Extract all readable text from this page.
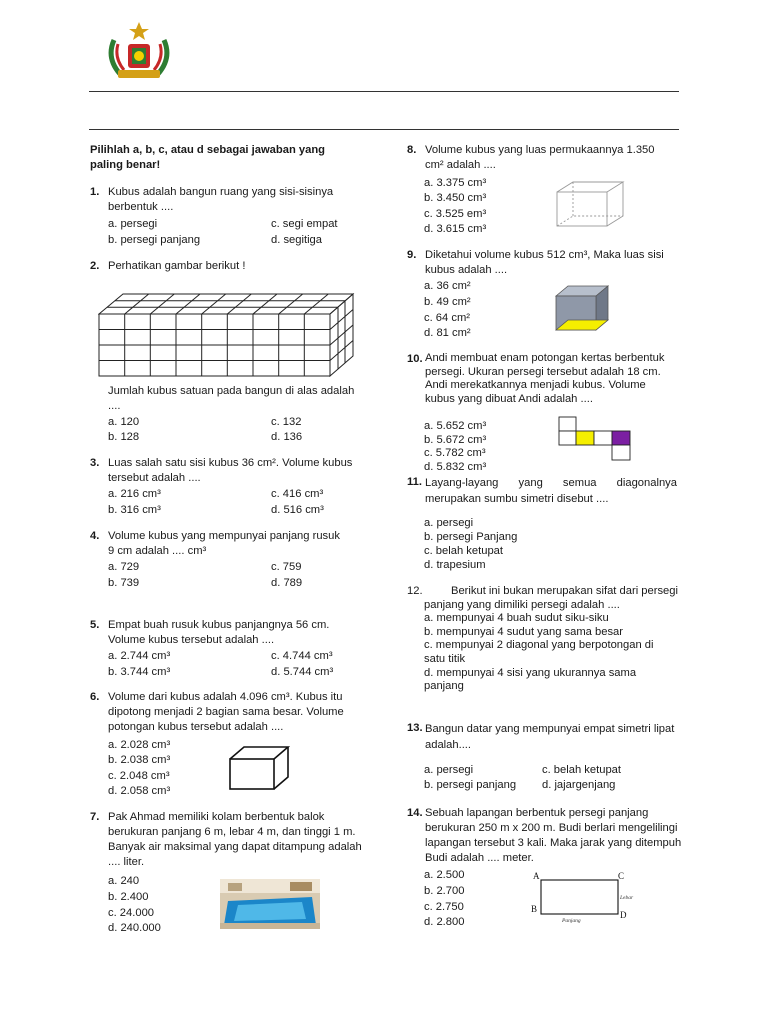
Pilihlah a, b, c, atau d sebagai jawaban yang paling benar!
1. Kubus adalah bangun ruang yang sisi-sisinya berbentuk ....
a. persegi	c. segi empat
b. persegi panjang	d. segitiga
2. Perhatikan gambar berikut !
Jumlah kubus satuan pada bangun di alas adalah ....
a. 120	c. 132
b. 128	d. 136
3. Luas salah satu sisi kubus 36 cm². Volume kubus tersebut adalah ....
a. 216 cm³	c. 416 cm³
b. 316 cm³	d. 516 cm³
4. Volume kubus yang mempunyai panjang rusuk 9 cm adalah .... cm³
a. 729	c. 759
b. 739	d. 789
5. Empat buah rusuk kubus panjangnya 56 cm. Volume kubus tersebut adalah ....
a. 2.744 cm³	c. 4.744 cm³
b. 3.744 cm³	d. 5.744 cm³
6. Volume dari kubus adalah 4.096 cm³. Kubus itu dipotong menjadi 2 bagian sama besar. Volume potongan kubus tersebut adalah ....
a. 2.028 cm³
b. 2.038 cm³
c. 2.048 cm³
d. 2.058 cm³
7. Pak Ahmad memiliki kolam berbentuk balok berukuran panjang 6 m, lebar 4 m, dan tinggi 1 m. Banyak air maksimal yang dapat ditampung adalah .... liter.
a. 240
b. 2.400
c. 24.000
d. 240.000
8. Volume kubus yang luas permukaannya 1.350 cm² adalah ....
a. 3.375 cm³
b. 3.450 cm³
c. 3.525 em³
d. 3.615 cm³
9. Diketahui volume kubus 512 cm³, Maka luas sisi kubus adalah ....
a. 36 cm²
b. 49 cm²
c. 64 cm²
d. 81 cm²
10. Andi membuat enam potongan kertas berbentuk persegi. Ukuran persegi tersebut adalah 18 cm. Andi merekatkannya menjadi kubus. Volume kubus yang dibuat Andi adalah ....
a. 5.652 cm³
b. 5.672 cm³
c. 5.782 cm³
d. 5.832 cm³
11. Layang-layang yang semua diagonalnya merupakan sumbu simetri disebut ....
a. persegi
b. persegi Panjang
c. belah ketupat
d. trapesium
12.	Berikut ini bukan merupakan sifat dari persegi panjang yang dimiliki persegi adalah ....
a. mempunyai 4 buah sudut siku-siku
b. mempunyai 4 sudut yang sama besar
c. mempunyai 2 diagonal yang berpotongan di satu titik
d. mempunyai 4 sisi yang ukurannya sama panjang
13. Bangun datar yang mempunyai empat simetri lipat adalah....
a. persegi	c. belah ketupat
b. persegi panjang d. jajargenjang
14. Sebuah lapangan berbentuk persegi panjang berukuran 250 m x 200 m. Budi berlari mengelilingi lapangan tersebut 3 kali. Maka jarak yang ditempuh Budi adalah .... meter.
a. 2.500
b. 2.700
c. 2.750
d. 2.800
A	C
B
D
Lebar
Panjang
